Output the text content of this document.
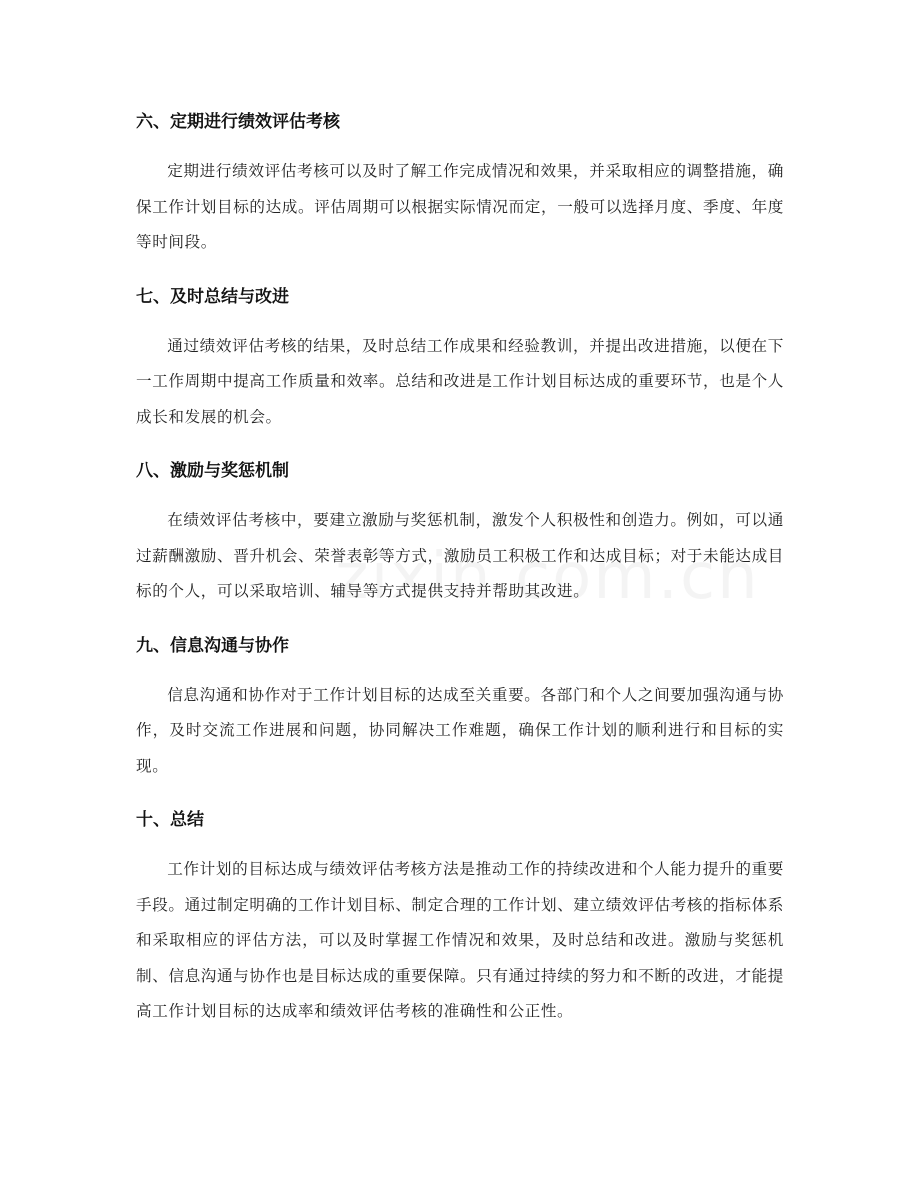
六、定期进行绩效评估考核

定期进行绩效评估考核可以及时了解工作完成情况和效果，并采取相应的调整措施，确保工作计划目标的达成。评估周期可以根据实际情况而定，一般可以选择月度、季度、年度等时间段。

七、及时总结与改进

通过绩效评估考核的结果，及时总结工作成果和经验教训，并提出改进措施，以便在下一工作周期中提高工作质量和效率。总结和改进是工作计划目标达成的重要环节，也是个人成长和发展的机会。

八、激励与奖惩机制

在绩效评估考核中，要建立激励与奖惩机制，激发个人积极性和创造力。例如，可以通过薪酬激励、晋升机会、荣誉表彰等方式，激励员工积极工作和达成目标；对于未能达成目标的个人，可以采取培训、辅导等方式提供支持并帮助其改进。

九、信息沟通与协作

信息沟通和协作对于工作计划目标的达成至关重要。各部门和个人之间要加强沟通与协作，及时交流工作进展和问题，协同解决工作难题，确保工作计划的顺利进行和目标的实现。

十、总结

工作计划的目标达成与绩效评估考核方法是推动工作的持续改进和个人能力提升的重要手段。通过制定明确的工作计划目标、制定合理的工作计划、建立绩效评估考核的指标体系和采取相应的评估方法，可以及时掌握工作情况和效果，及时总结和改进。激励与奖惩机制、信息沟通与协作也是目标达成的重要保障。只有通过持续的努力和不断的改进，才能提高工作计划目标的达成率和绩效评估考核的准确性和公正性。
